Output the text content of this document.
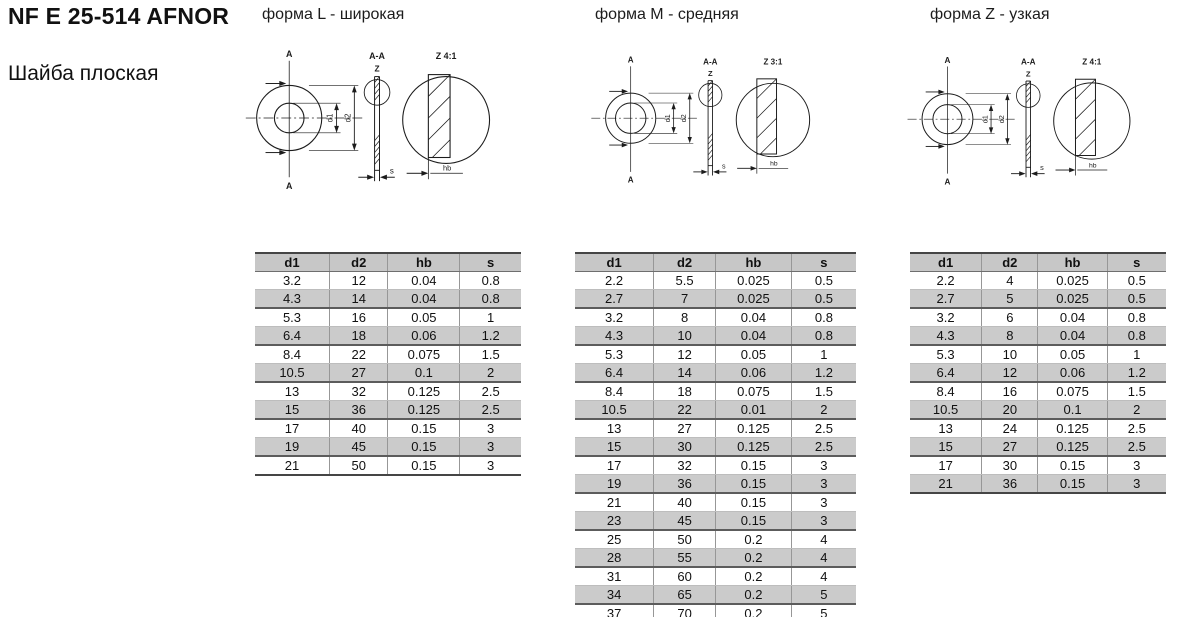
NF E 25-514 AFNOR
Шайба плоская
форма L - широкая	форма M - средняя	форма Z - узкая
A
A
d1 d2
A-A
Z
s
Z 4:1
hb
A
A
d1 d2
A-A
Z
s
Z 3:1
hb
A
A
d1 d2
A-A
Z
s
Z 4:1
hb
d1	d2	hb	s
3.2	12	0.04	0.8
4.3	14	0.04	0.8
5.3	16	0.05	1
6.4	18	0.06	1.2
8.4	22	0.075	1.5
10.5	27	0.1	2
13	32	0.125	2.5
15	36	0.125	2.5
17	40	0.15	3
19	45	0.15	3
21	50	0.15	3
d1	d2	hb	s
2.2	5.5	0.025	0.5
2.7	7	0.025	0.5
3.2	8	0.04	0.8
4.3	10	0.04	0.8
5.3	12	0.05	1
6.4	14	0.06	1.2
8.4	18	0.075	1.5
10.5	22	0.01	2
13	27	0.125	2.5
15	30	0.125	2.5
17	32	0.15	3
19	36	0.15	3
21	40	0.15	3
23	45	0.15	3
25	50	0.2	4
28	55	0.2	4
31	60	0.2	4
34	65	0.2	5
37	70	0.2	5
d1	d2	hb	s
2.2	4	0.025	0.5
2.7	5	0.025	0.5
3.2	6	0.04	0.8
4.3	8	0.04	0.8
5.3	10	0.05	1
6.4	12	0.06	1.2
8.4	16	0.075	1.5
10.5	20	0.1	2
13	24	0.125	2.5
15	27	0.125	2.5
17	30	0.15	3
21	36	0.15	3
